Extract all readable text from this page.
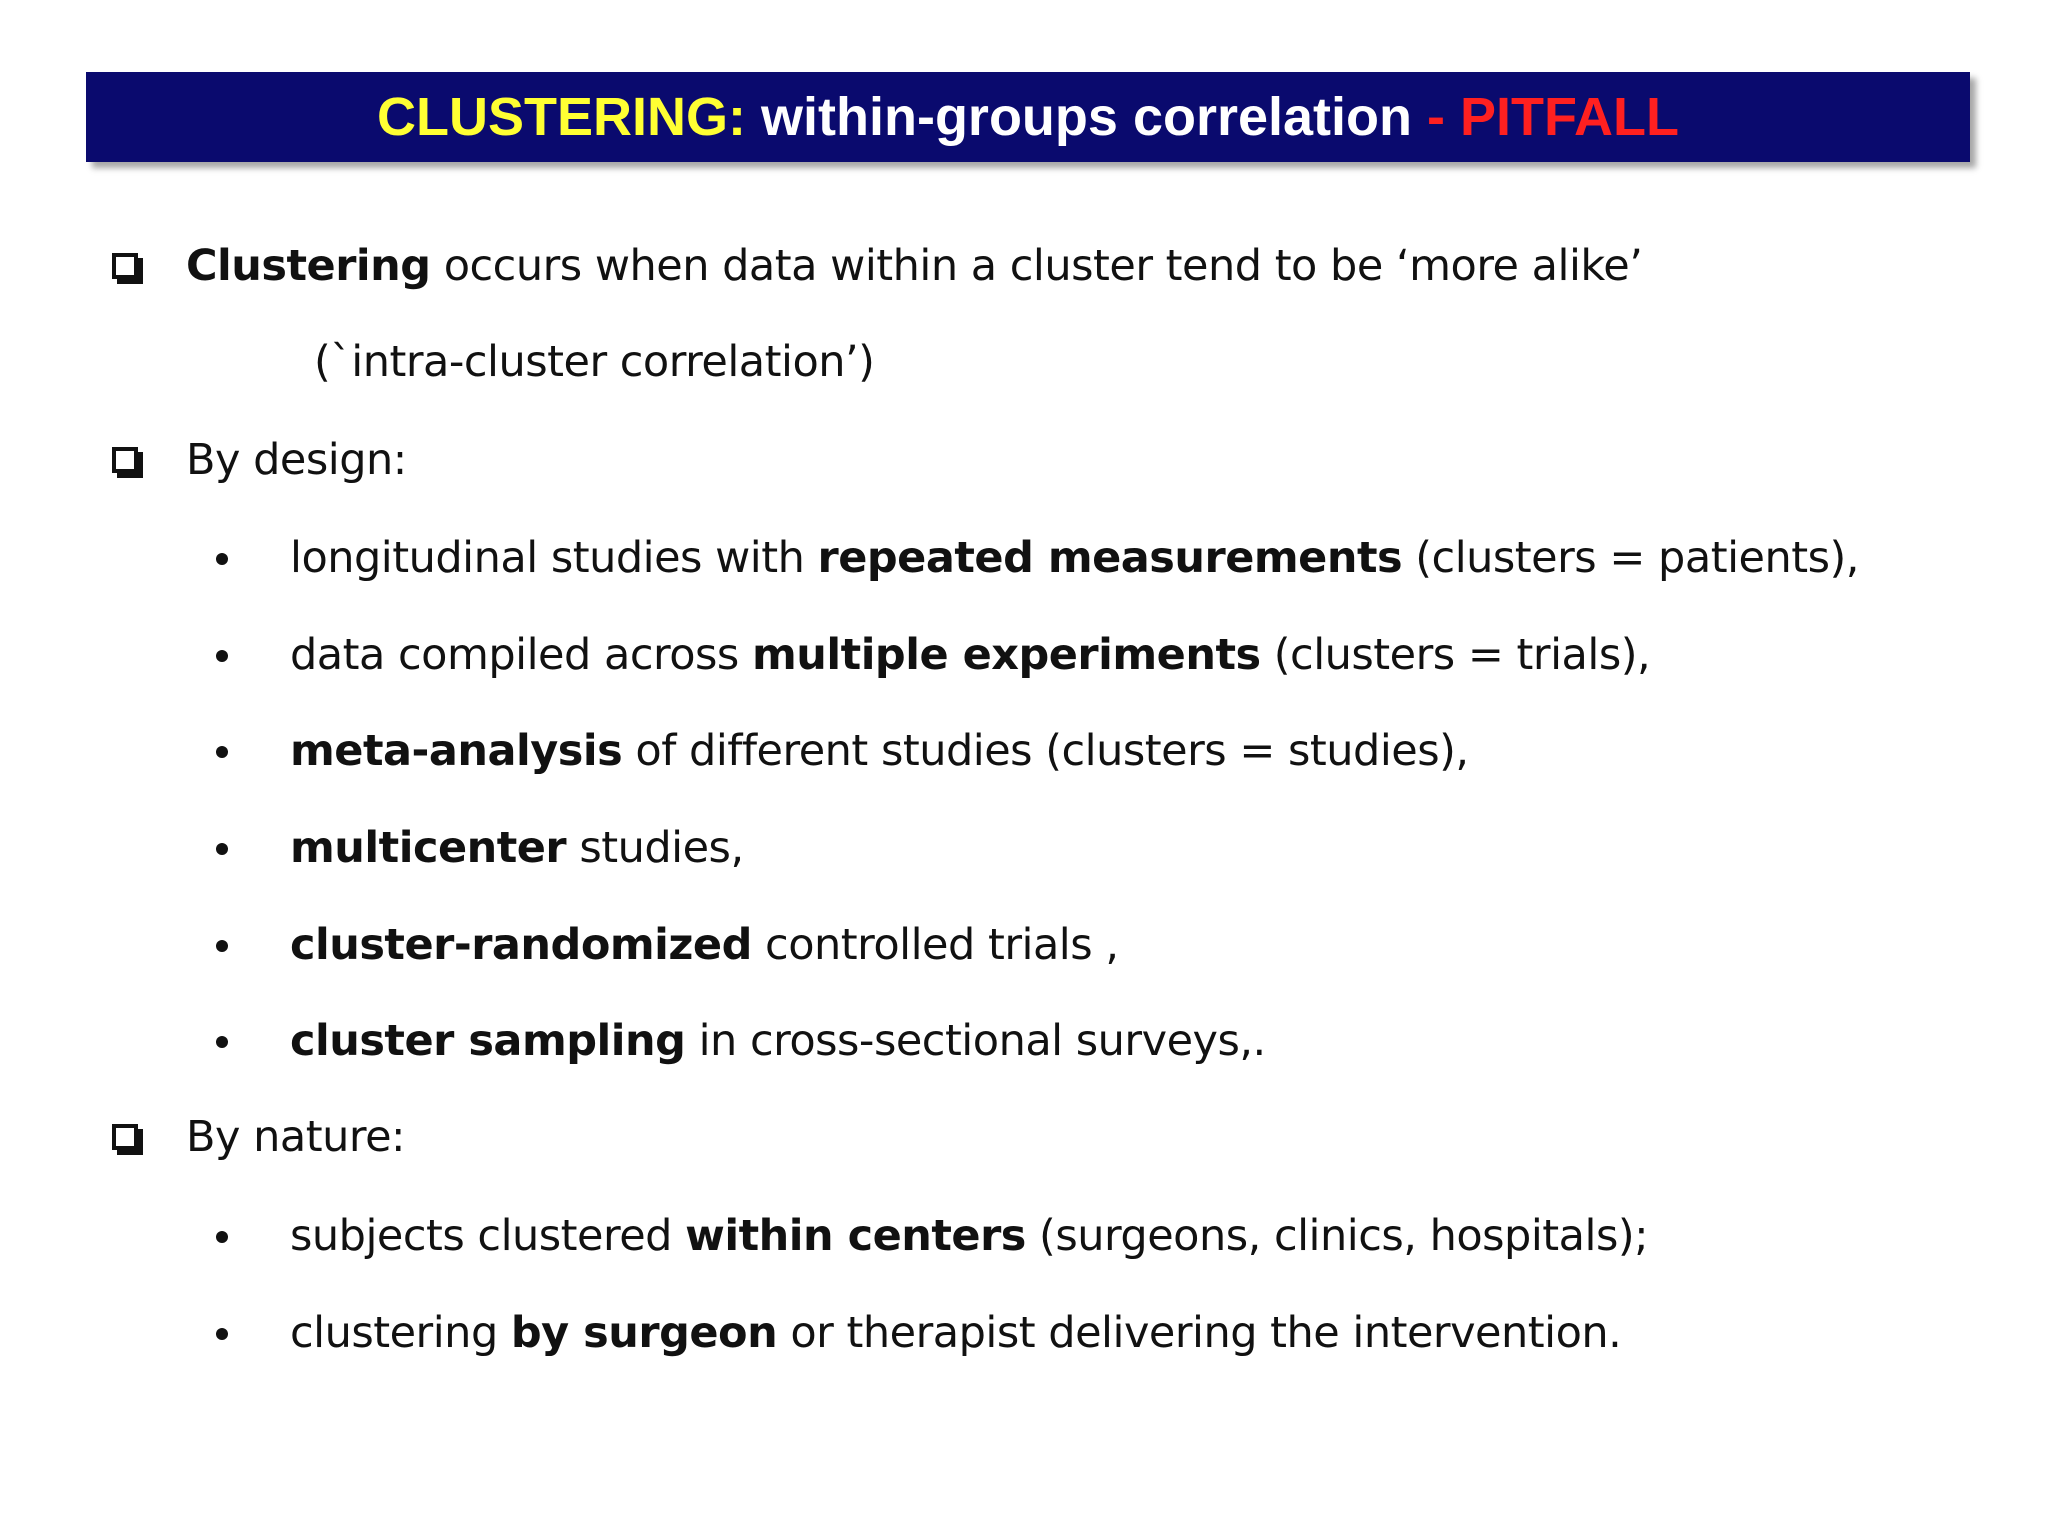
CLUSTERING: within-groups correlation - PITFALL
Clustering occurs when data within a cluster tend to be ‘more alike’
(`intra-cluster correlation’)
By design:
longitudinal studies with repeated measurements (clusters = patients),
data compiled across multiple experiments (clusters = trials),
meta-analysis of different studies (clusters = studies),
multicenter studies,
cluster-randomized controlled trials ,
cluster sampling in cross-sectional surveys,.
By nature:
subjects clustered within centers (surgeons, clinics, hospitals);
clustering by surgeon or therapist delivering the intervention.
